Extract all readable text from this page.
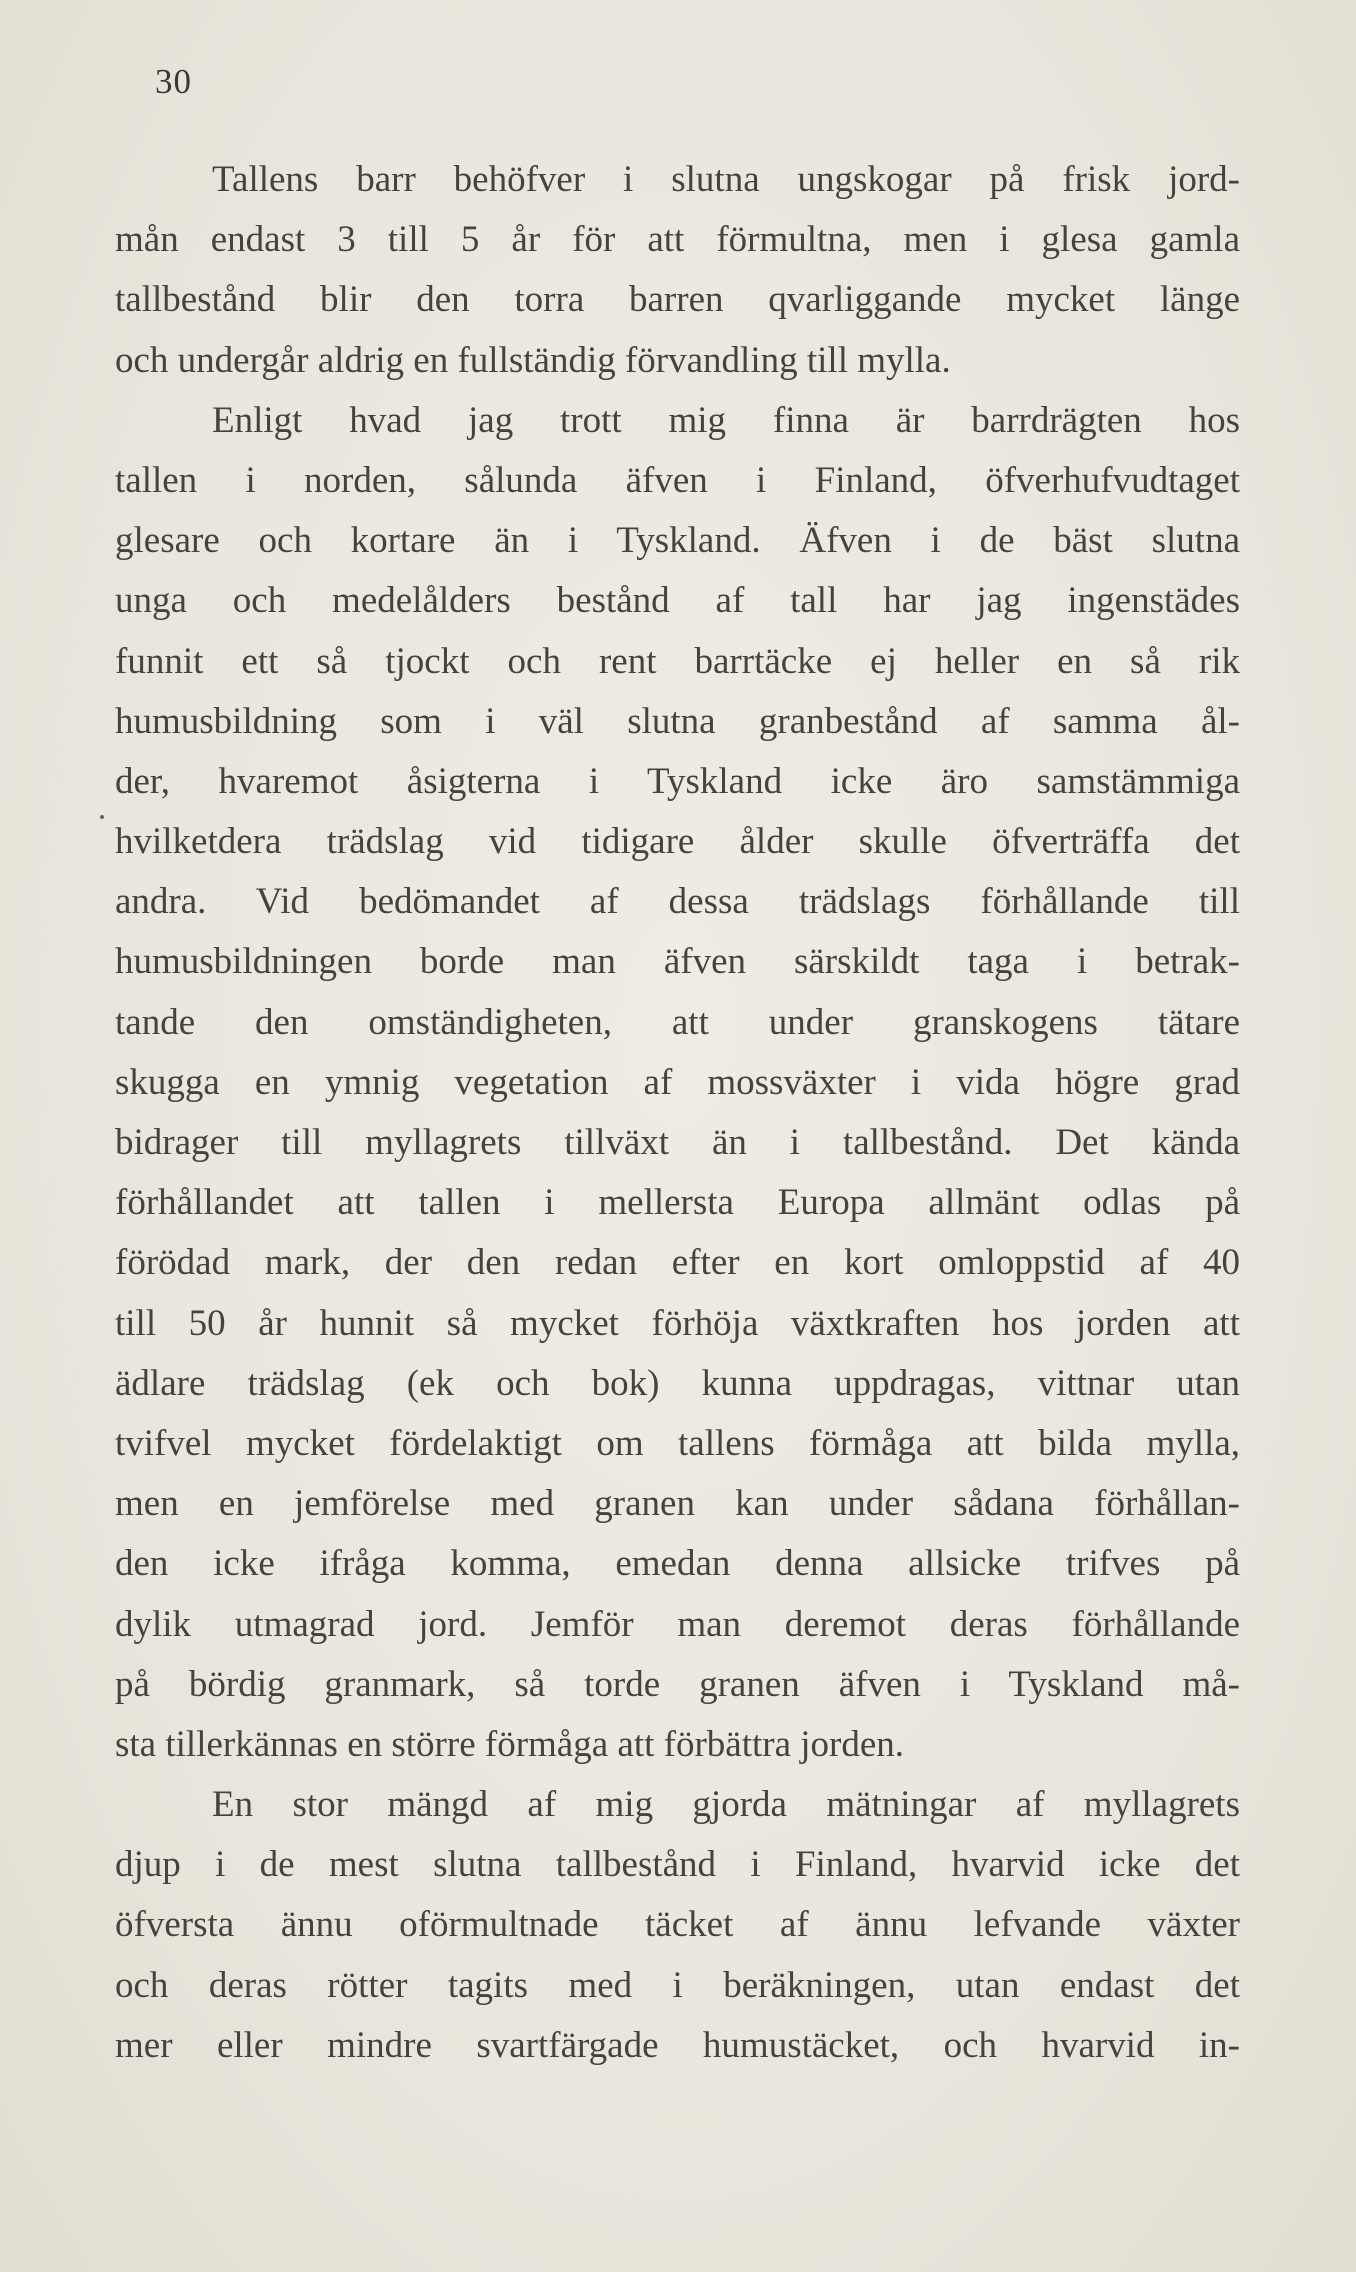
30
Tallens barr behöfver i slutna ungskogar på frisk jord-
mån endast 3 till 5 år för att förmultna, men i glesa gamla
tallbestånd blir den torra barren qvarliggande mycket länge
och undergår aldrig en fullständig förvandling till mylla.
Enligt hvad jag trott mig finna är barrdrägten hos
tallen i norden, sålunda äfven i Finland, öfverhufvudtaget
glesare och kortare än i Tyskland. Äfven i de bäst slutna
unga och medelålders bestånd af tall har jag ingenstädes
funnit ett så tjockt och rent barrtäcke ej heller en så rik
humusbildning som i väl slutna granbestånd af samma ål-
der, hvaremot åsigterna i Tyskland icke äro samstämmiga
hvilketdera trädslag vid tidigare ålder skulle öfverträffa det
andra. Vid bedömandet af dessa trädslags förhållande till
humusbildningen borde man äfven särskildt taga i betrak-
tande den omständigheten, att under granskogens tätare
skugga en ymnig vegetation af mossväxter i vida högre grad
bidrager till myllagrets tillväxt än i tallbestånd. Det kända
förhållandet att tallen i mellersta Europa allmänt odlas på
förödad mark, der den redan efter en kort omloppstid af 40
till 50 år hunnit så mycket förhöja växtkraften hos jorden att
ädlare trädslag (ek och bok) kunna uppdragas, vittnar utan
tvifvel mycket fördelaktigt om tallens förmåga att bilda mylla,
men en jemförelse med granen kan under sådana förhållan-
den icke ifråga komma, emedan denna allsicke trifves på
dylik utmagrad jord. Jemför man deremot deras förhållande
på bördig granmark, så torde granen äfven i Tyskland må-
sta tillerkännas en större förmåga att förbättra jorden.
En stor mängd af mig gjorda mätningar af myllagrets
djup i de mest slutna tallbestånd i Finland, hvarvid icke det
öfversta ännu oförmultnade täcket af ännu lefvande växter
och deras rötter tagits med i beräkningen, utan endast det
mer eller mindre svartfärgade humustäcket, och hvarvid in-
